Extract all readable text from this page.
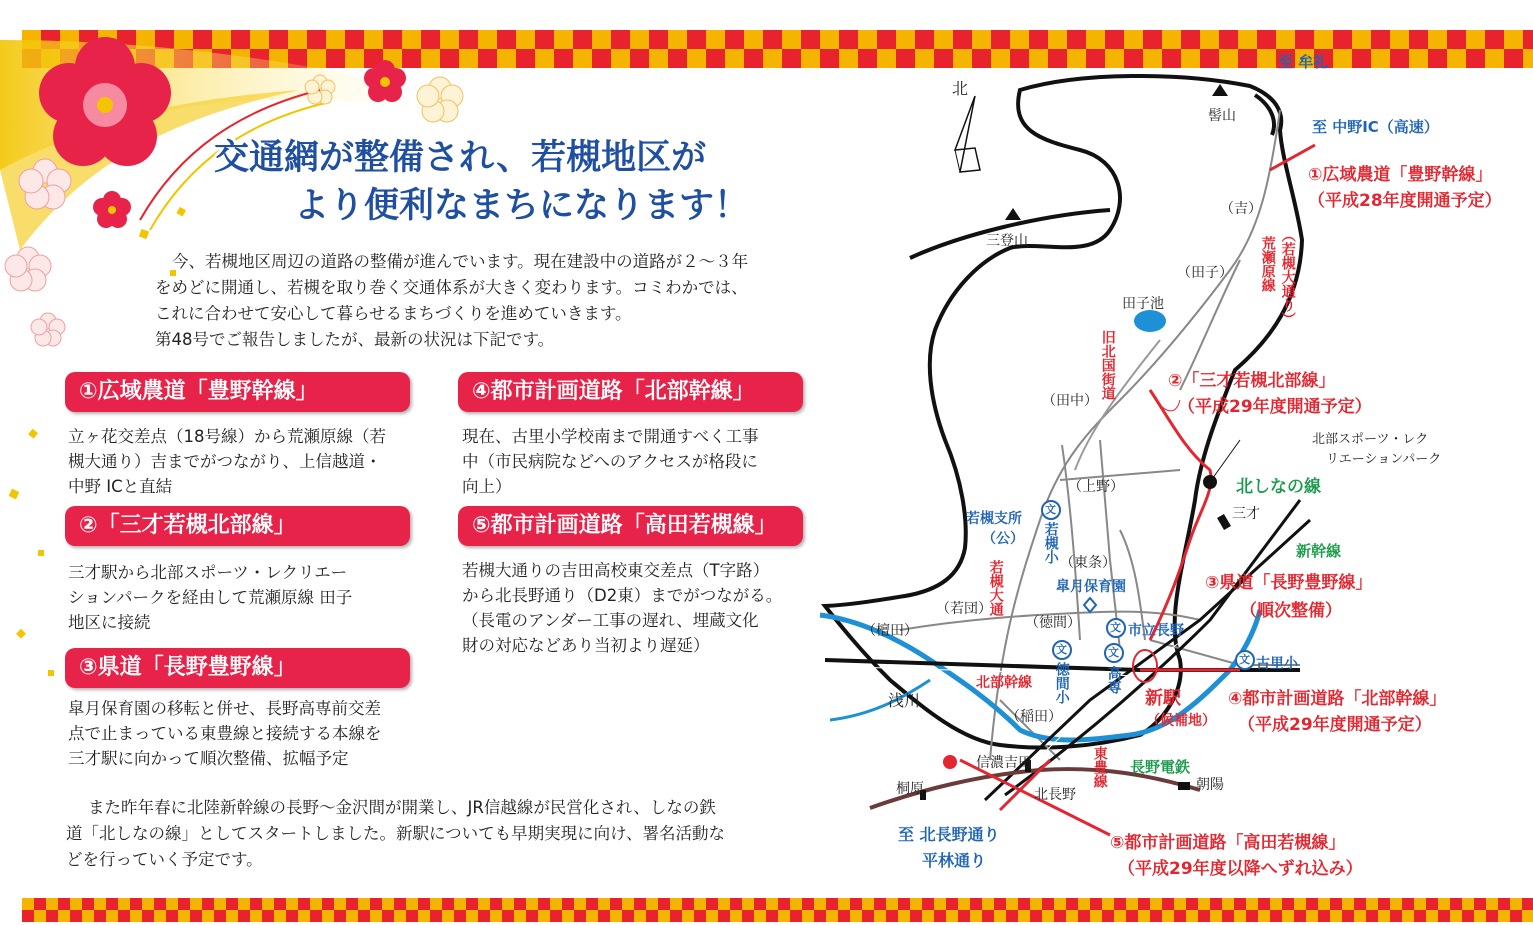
交通網が整備され、若槻地区が
より便利なまちになります！

今、若槻地区周辺の道路の整備が進んでいます。現在建設中の道路が２～３年

をめどに開通し、若槻を取り巻く交通体系が大きく変わります。コミわかでは、

これに合わせて安心して暮らせるまちづくりを進めていきます。

第48号でご報告しましたが、最新の状況は下記です。

①広域農道「豊野幹線」
立ヶ花交差点（18号線）から荒瀬原線（若
槻大通り）吉までがつながり、上信越道・
中野 ICと直結
②「三才若槻北部線」
三才駅から北部スポーツ・レクリエー
ションパークを経由して荒瀬原線 田子
地区に接続
③県道「長野豊野線」
皐月保育園の移転と併せ、長野高専前交差
点で止まっている東豊線と接続する本線を
三才駅に向かって順次整備、拡幅予定
④都市計画道路「北部幹線」
現在、古里小学校南まで開通すべく工事
中（市民病院などへのアクセスが格段に
向上）
⑤都市計画道路「高田若槻線」
若槻大通りの吉田高校東交差点（T字路）
から北長野通り（D2東）までがつながる。
（長電のアンダー工事の遅れ、埋蔵文化
財の対応などあり当初より遅延）

また昨年春に北陸新幹線の長野～金沢間が開業し、JR信越線が民営化され、しなの鉄

道「北しなの線」としてスタートしました。新駅についても早期実現に向け、署名活動な

どを行っていく予定です。

文
文
文	文
文
北
至 牟礼
至 中野IC（高速）
髻山
三登山
①広域農道「豊野幹線」
（平成28年度開通予定）
②「三才若槻北部線」
（平成29年度開通予定）
③県道「長野豊野線」
（順次整備）
④都市計画道路「北部幹線」
（平成29年度開通予定）
⑤都市計画道路「高田若槻線」
（平成29年度以降へずれ込み）
（吉）
（田子）
田子池
（田中）
（上野）
（東条）
（若団）
（徳間）
（檀田）
（稲田）
浅川
荒瀬原線 （若槻大通り）
旧北国街道
北部スポーツ・レク
リエーションパーク
北しなの線
三才
新幹線
若槻支所
（公） 若槻小
皐月保育園
若槻大通
市立長野
古里小
徳間小	高専
新駅
（候補地）
北部幹線
信濃吉田
北長野
東豊線 長野電鉄
朝陽
桐原
至 北長野通り
平林通り
